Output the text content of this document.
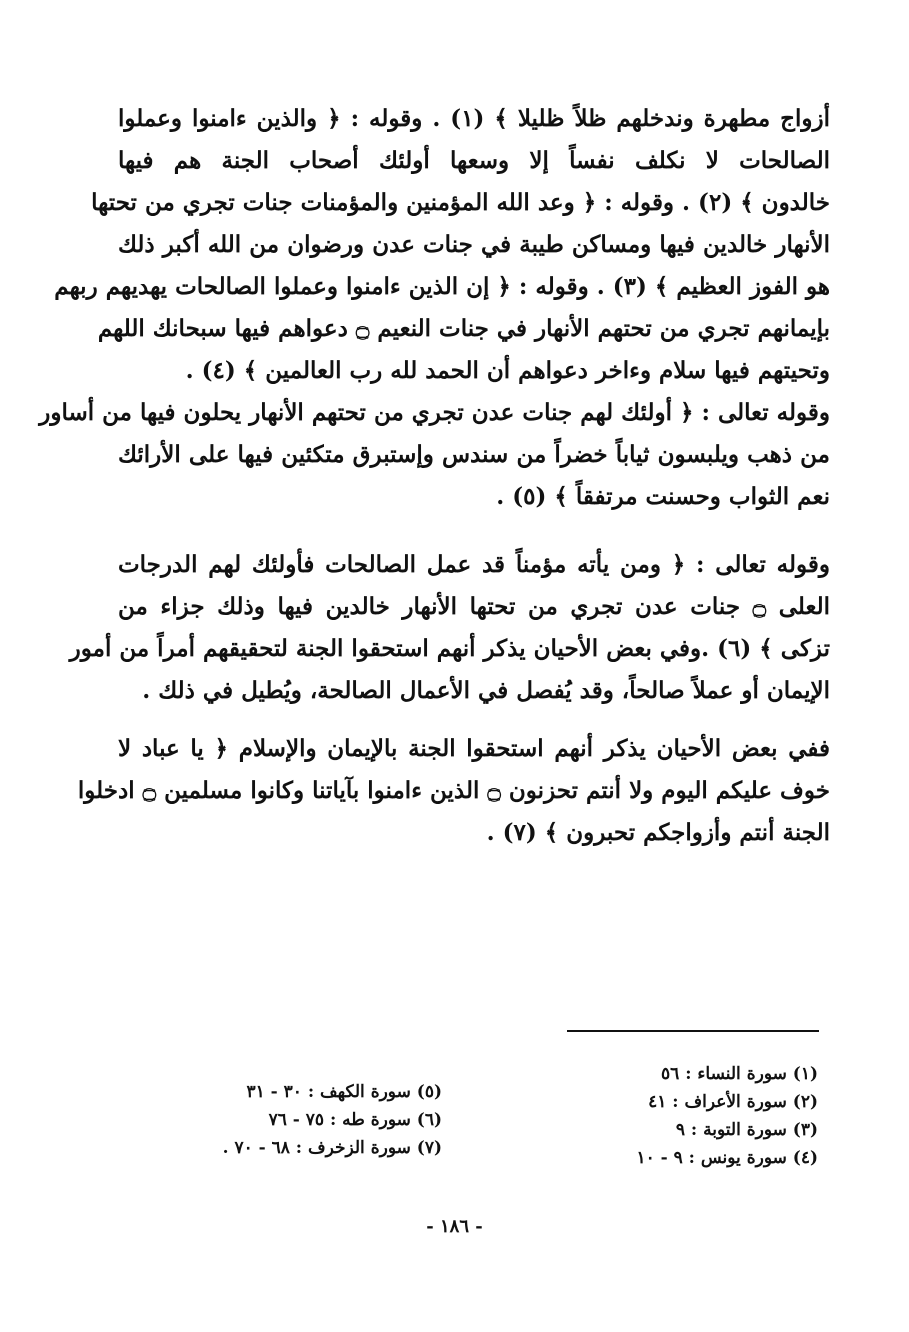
أزواج مطهرة وندخلهم ظلاً ظليلا ﴾ (١) . وقوله : ﴿ والذين ءامنوا وعملوا
الصالحات لا نكلف نفساً إلا وسعها أولئك أصحاب الجنة هم فيها
خالدون ﴾ (٢) . وقوله : ﴿ وعد الله المؤمنين والمؤمنات جنات تجري من تحتها
الأنهار خالدين فيها ومساكن طيبة في جنات عدن ورضوان من الله أكبر ذلك
هو الفوز العظيم ﴾ (٣) . وقوله : ﴿ إن الذين ءامنوا وعملوا الصالحات يهديهم ربهم
بإيمانهم تجري من تحتهم الأنهار في جنات النعيم ۝ دعواهم فيها سبحانك اللهم
وتحيتهم فيها سلام وءاخر دعواهم أن الحمد لله رب العالمين ﴾ (٤) .
وقوله تعالى : ﴿ أولئك لهم جنات عدن تجري من تحتهم الأنهار يحلون فيها من أساور
من ذهب ويلبسون ثياباً خضراً من سندس وإستبرق متكئين فيها على الأرائك
نعم الثواب وحسنت مرتفقاً ﴾ (٥) .
وقوله تعالى : ﴿ ومن يأته مؤمناً قد عمل الصالحات فأولئك لهم الدرجات
العلى ۝ جنات عدن تجري من تحتها الأنهار خالدين فيها وذلك جزاء من
تزكى ﴾ (٦) .وفي بعض الأحيان يذكر أنهم استحقوا الجنة لتحقيقهم أمراً من أمور
الإيمان أو عملاً صالحاً، وقد يُفصل في الأعمال الصالحة، ويُطيل في ذلك .
ففي بعض الأحيان يذكر أنهم استحقوا الجنة بالإيمان والإسلام ﴿ يا عباد لا
خوف عليكم اليوم ولا أنتم تحزنون ۝ الذين ءامنوا بآياتنا وكانوا مسلمين ۝ ادخلوا
الجنة أنتم وأزواجكم تحبرون ﴾ (٧) .
(١) سورة النساء : ٥٦
(٢) سورة الأعراف : ٤١
(٣) سورة التوبة : ٩
(٤) سورة يونس : ٩ - ١٠
(٥) سورة الكهف : ٣٠ - ٣١
(٦) سورة طه : ٧٥ - ٧٦
(٧) سورة الزخرف : ٦٨ - ٧٠ .
- ١٨٦ -
